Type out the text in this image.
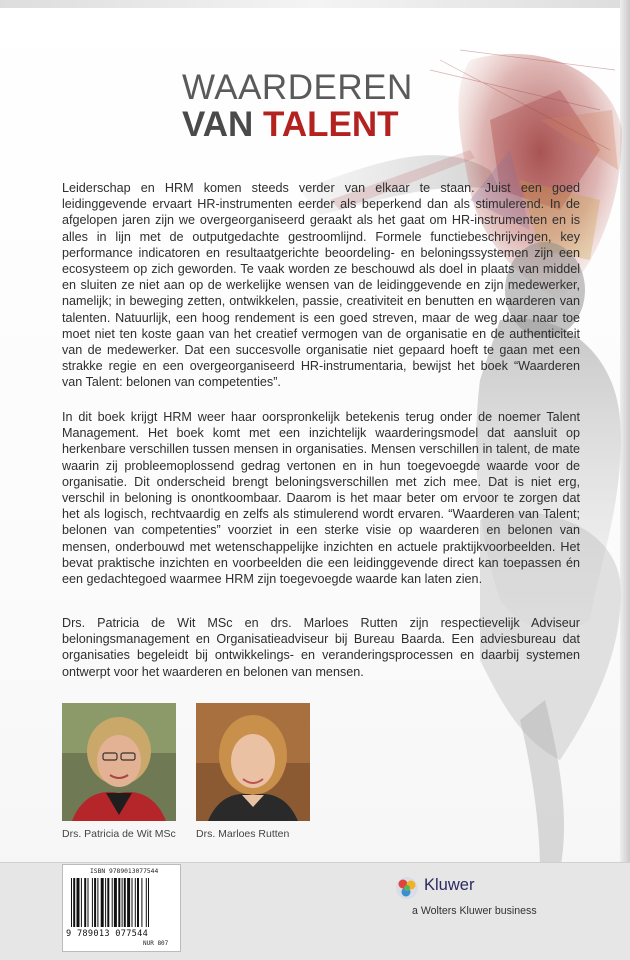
WAARDEREN
VAN TALENT

Leiderschap en HRM komen steeds verder van elkaar te staan. Juist een goed leidinggevende ervaart HR-instrumenten eerder als beperkend dan als stimulerend. In de afgelopen jaren zijn we overgeorganiseerd geraakt als het gaat om HR-instrumenten en is alles in lijn met de outputgedachte gestroomlijnd. Formele functiebeschrijvingen, key performance indicatoren en resultaatgerichte beoordeling- en beloningssystemen zijn een ecosysteem op zich geworden. Te vaak worden ze beschouwd als doel in plaats van middel en sluiten ze niet aan op de werkelijke wensen van de leidinggevende en zijn medewerker, namelijk; in beweging zetten, ontwikkelen, passie, creativiteit en benutten en waarderen van talenten. Natuurlijk, een hoog rendement is een goed streven, maar de weg daar naar toe moet niet ten koste gaan van het creatief vermogen van de organisatie en de authenticiteit van de medewerker. Dat een succesvolle organisatie niet gepaard hoeft te gaan met een strakke regie en een overgeorganiseerd HR-instrumentaria, bewijst het boek “Waarderen van Talent: belonen van competenties”.

In dit boek krijgt HRM weer haar oorspronkelijk betekenis terug onder de noemer Talent Management. Het boek komt met een inzichtelijk waarderingsmodel dat aansluit op herkenbare verschillen tussen mensen in organisaties. Mensen verschillen in talent, de mate waarin zij probleemoplossend gedrag vertonen en in hun toegevoegde waarde voor de organisatie. Dit onderscheid brengt beloningsverschillen met zich mee. Dat is niet erg, verschil in beloning is onontkoombaar. Daarom is het maar beter om ervoor te zorgen dat het als logisch, rechtvaardig en zelfs als stimulerend wordt ervaren. “Waarderen van Talent; belonen van competenties” voorziet in een sterke visie op waarderen en belonen van mensen, onderbouwd met wetenschappelijke inzichten en actuele praktijkvoorbeelden. Het bevat praktische inzichten en voorbeelden die een leidinggevende direct kan toepassen én een gedachtegoed waarmee HRM zijn toegevoegde waarde kan laten zien.

Drs. Patricia de Wit MSc en drs. Marloes Rutten zijn respectievelijk Adviseur beloningsmanagement en Organisatieadviseur bij Bureau Baarda. Een adviesbureau dat organisaties begeleidt bij ontwikkelings- en veranderingsprocessen en daarbij systemen ontwerpt voor het waarderen en belonen van mensen.

Drs. Patricia de Wit MSc Drs. Marloes Rutten
ISBN 9789013077544
9 789013 077544
NUR 807
Kluwer
a Wolters Kluwer business
